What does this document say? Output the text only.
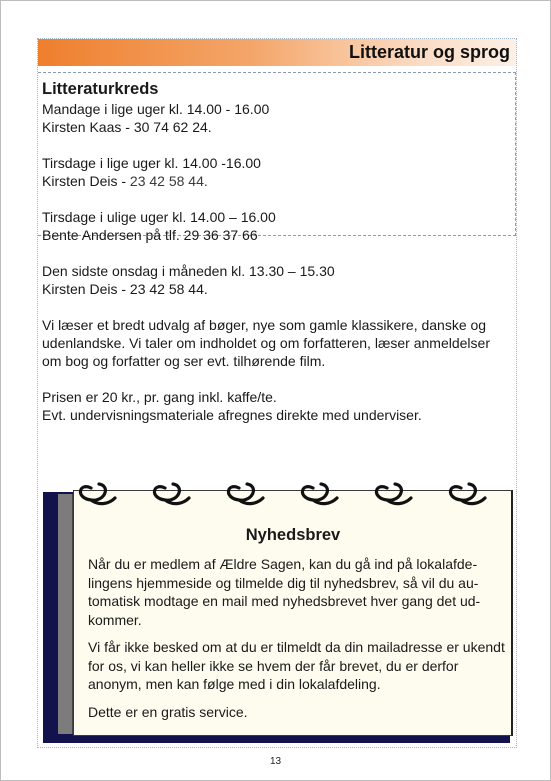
Litteratur og sprog
Litteraturkreds

Mandage i lige uger kl. 14.00 - 16.00
Kirsten Kaas - 30 74 62 24.

Tirsdage i lige uger kl. 14.00 -16.00
Kirsten Deis - 23 42 58 44.

Tirsdage i ulige uger kl. 14.00 – 16.00
Bente Andersen på tlf. 29 36 37 66

Den sidste onsdag i måneden kl. 13.30 – 15.30
Kirsten Deis - 23 42 58 44.

Vi læser et bredt udvalg af bøger, nye som gamle klassikere, danske og udenlandske. Vi taler om indholdet og om forfatteren, læser anmeldelser om bog og forfatter og ser evt. tilhørende film.

Prisen er 20 kr., pr. gang inkl. kaffe/te.
Evt. undervisningsmateriale afregnes direkte med underviser.

Nyhedsbrev

Når du er medlem af Ældre Sagen, kan du gå ind på lokalafde-lingens hjemmeside og tilmelde dig til nyhedsbrev, så vil du au-tomatisk modtage en mail med nyhedsbrevet hver gang det ud-kommer.

Vi får ikke besked om at du er tilmeldt da din mailadresse er ukendt for os, vi kan heller ikke se hvem der får brevet, du er derfor anonym, men kan følge med i din lokalafdeling.

Dette er en gratis service.

13
